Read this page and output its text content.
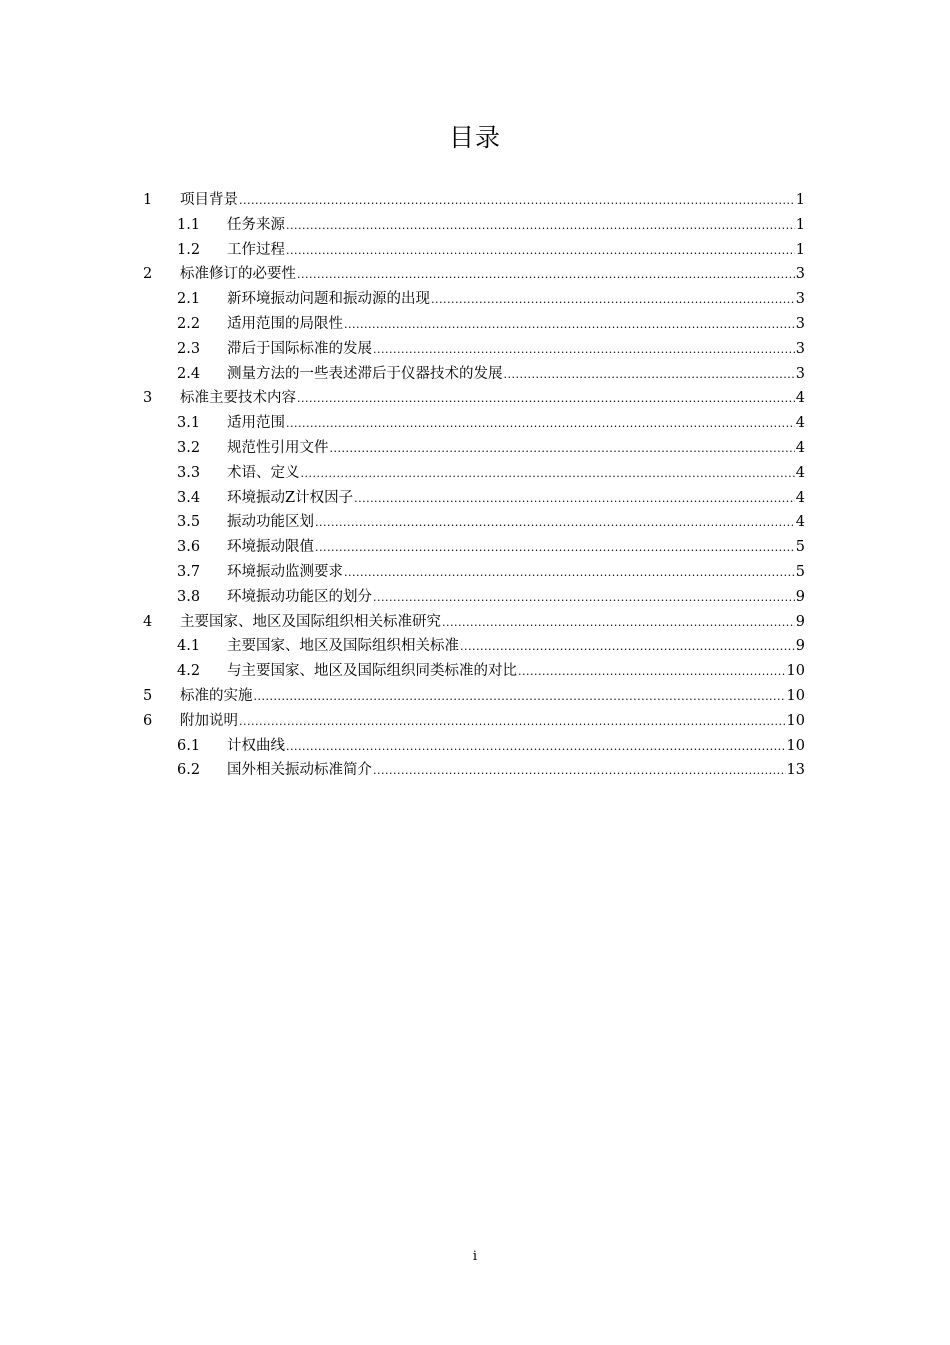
目录
1	项目背景 .....	1
1.1	任务来源 .....	1
1.2	工作过程 .....	1
2	标准修订的必要性 .....	3
2.1	新环境振动问题和振动源的出现 .....	3
2.2	适用范围的局限性 .....	3
2.3	滞后于国际标准的发展 .....	3
2.4	测量方法的一些表述滞后于仪器技术的发展 .....	3
3	标准主要技术内容 .....	4
3.1	适用范围 .....	4
3.2	规范性引用文件 .....	4
3.3	术语、定义 .....	4
3.4	环境振动Z计权因子 .....	4
3.5	振动功能区划 .....	4
3.6	环境振动限值 .....	5
3.7	环境振动监测要求 .....	5
3.8	环境振动功能区的划分 .....	9
4	主要国家、地区及国际组织相关标准研究 .....	9
4.1	主要国家、地区及国际组织相关标准 .....	9
4.2	与主要国家、地区及国际组织同类标准的对比 .....	10
5	标准的实施 .....	10
6	附加说明 .....	10
6.1	计权曲线 .....	10
6.2	国外相关振动标准简介 .....	13
i
